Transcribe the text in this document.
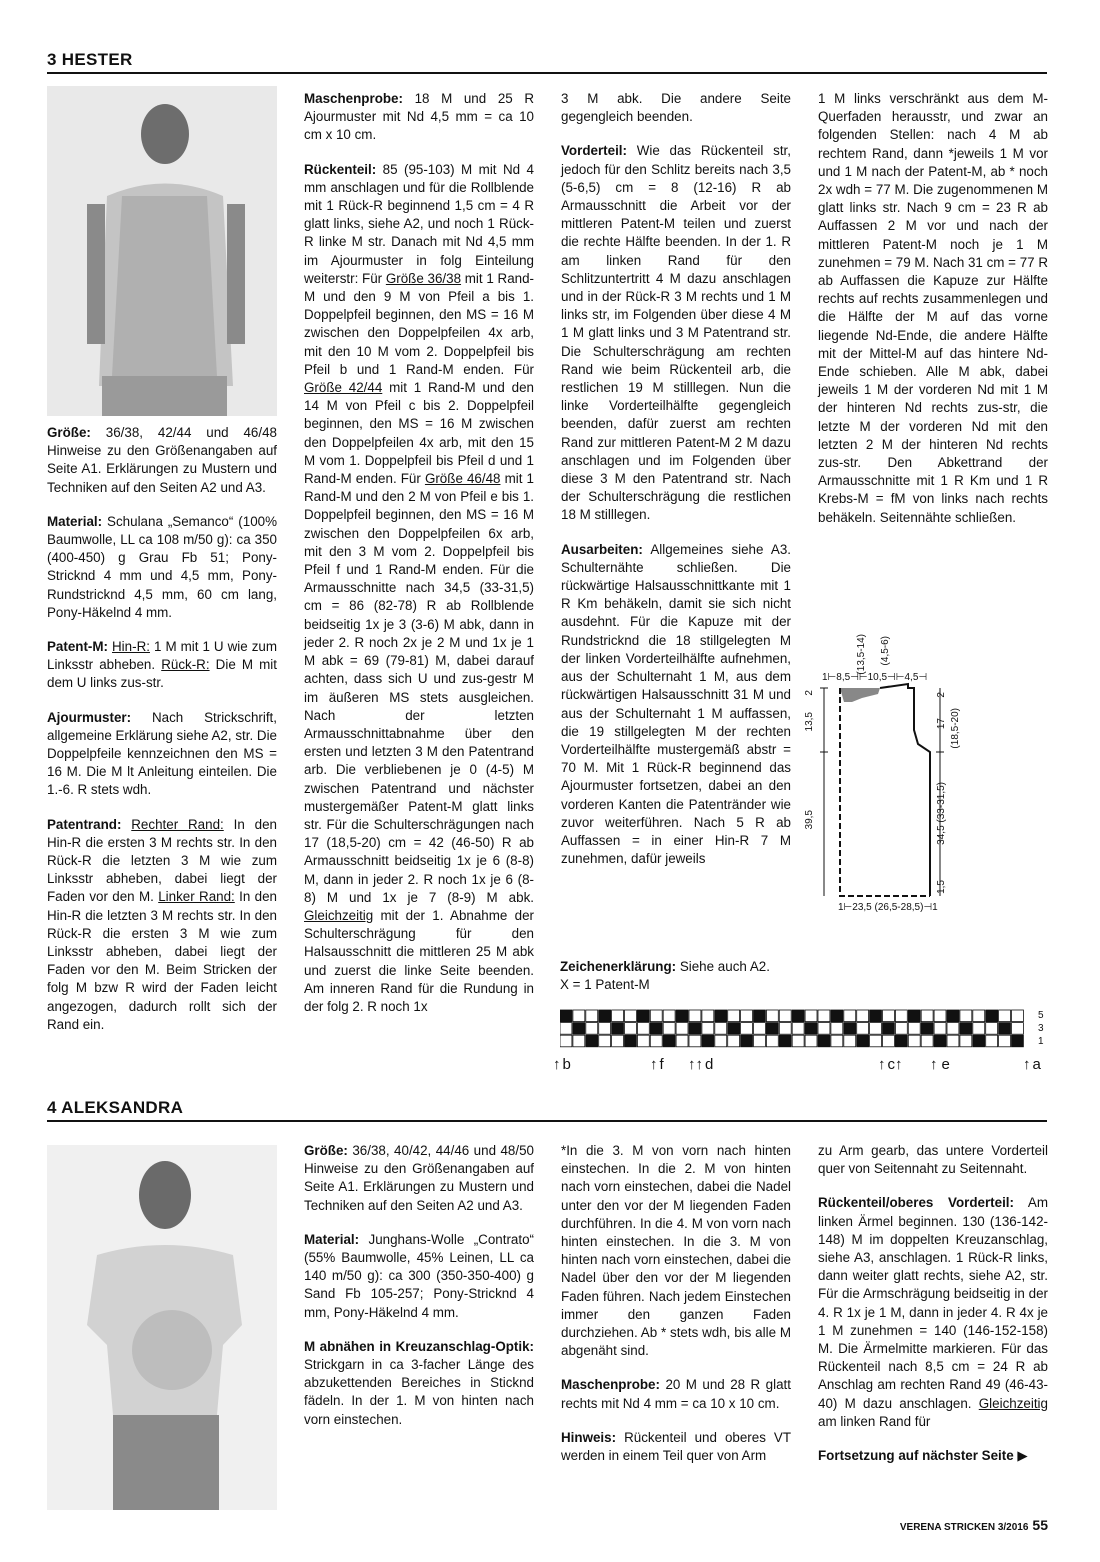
3 HESTER

Größe: 36/38, 42/44 und 46/48 Hinweise zu den Größenangaben auf Seite A1. Erklärungen zu Mustern und Techniken auf den Seiten A2 und A3.

Material: Schulana „Semanco“ (100% Baumwolle, LL ca 108 m/50 g): ca 350 (400-450) g Grau Fb 51; Pony-Stricknd 4 mm und 4,5 mm, Pony-Rundstricknd 4,5 mm, 60 cm lang, Pony-Häkelnd 4 mm.

Patent-M: Hin-R: 1 M mit 1 U wie zum Linksstr abheben. Rück-R: Die M mit dem U links zus-str.

Ajourmuster: Nach Strickschrift, allgemeine Erklärung siehe A2, str. Die Doppelpfeile kennzeichnen den MS = 16 M. Die M lt Anleitung einteilen. Die 1.-6. R stets wdh.

Patentrand: Rechter Rand: In den Hin-R die ersten 3 M rechts str. In den Rück-R die letzten 3 M wie zum Linksstr abheben, dabei liegt der Faden vor den M. Linker Rand: In den Hin-R die letzten 3 M rechts str. In den Rück-R die ersten 3 M wie zum Linksstr abheben, dabei liegt der Faden vor den M. Beim Stricken der folg M bzw R wird der Faden leicht angezogen, dadurch rollt sich der Rand ein.

Maschenprobe: 18 M und 25 R Ajourmuster mit Nd 4,5 mm = ca 10 cm x 10 cm.

Rückenteil: 85 (95-103) M mit Nd 4 mm anschlagen und für die Rollblende mit 1 Rück-R beginnend 1,5 cm = 4 R glatt links, siehe A2, und noch 1 Rück-R linke M str. Danach mit Nd 4,5 mm im Ajourmuster in folg Einteilung weiterstr: Für Größe 36/38 mit 1 Rand-M und den 9 M von Pfeil a bis 1. Doppelpfeil beginnen, den MS = 16 M zwischen den Doppelpfeilen 4x arb, mit den 10 M vom 2. Doppelpfeil bis Pfeil b und 1 Rand-M enden. Für Größe 42/44 mit 1 Rand-M und den 14 M von Pfeil c bis 2. Doppelpfeil beginnen, den MS = 16 M zwischen den Doppelpfeilen 4x arb, mit den 15 M vom 1. Doppelpfeil bis Pfeil d und 1 Rand-M enden. Für Größe 46/48 mit 1 Rand-M und den 2 M von Pfeil e bis 1. Doppelpfeil beginnen, den MS = 16 M zwischen den Doppelpfeilen 6x arb, mit den 3 M vom 2. Doppelpfeil bis Pfeil f und 1 Rand-M enden. Für die Armausschnitte nach 34,5 (33-31,5) cm = 86 (82-78) R ab Rollblende beidseitig 1x je 3 (3-6) M abk, dann in jeder 2. R noch 2x je 2 M und 1x je 1 M abk = 69 (79-81) M, dabei darauf achten, dass sich U und zus-gestr M im äußeren MS stets ausgleichen. Nach der letzten Armausschnittabnahme über den ersten und letzten 3 M den Patentrand arb. Die verbliebenen je 0 (4-5) M zwischen Patentrand und nächster mustergemäßer Patent-M glatt links str. Für die Schulterschrägungen nach 17 (18,5-20) cm = 42 (46-50) R ab Armausschnitt beidseitig 1x je 6 (8-8) M, dann in jeder 2. R noch 1x je 6 (8-8) M und 1x je 7 (8-9) M abk. Gleichzeitig mit der 1. Abnahme der Schulterschrägung für den Halsausschnitt die mittleren 25 M abk und zuerst die linke Seite beenden. Am inneren Rand für die Rundung in der folg 2. R noch 1x

3 M abk. Die andere Seite gegengleich beenden.

Vorderteil: Wie das Rückenteil str, jedoch für den Schlitz bereits nach 3,5 (5-6,5) cm = 8 (12-16) R ab Armausschnitt die Arbeit vor der mittleren Patent-M teilen und zuerst die rechte Hälfte beenden. In der 1. R am linken Rand für den Schlitzuntertritt 4 M dazu anschlagen und in der Rück-R 3 M rechts und 1 M links str, im Folgenden über diese 4 M 1 M glatt links und 3 M Patentrand str. Die Schulterschrägung am rechten Rand wie beim Rückenteil arb, die restlichen 19 M stilllegen. Nun die linke Vorderteilhälfte gegengleich beenden, dafür zuerst am rechten Rand zur mittleren Patent-M 2 M dazu anschlagen und im Folgenden über diese 3 M den Patentrand str. Nach der Schulterschrägung die restlichen 18 M stilllegen.

Ausarbeiten: Allgemeines siehe A3. Schulternähte schließen. Die rückwärtige Halsausschnittkante mit 1 R Km behäkeln, damit sie sich nicht ausdehnt. Für die Kapuze mit der Rundstricknd die 18 stillgelegten M der linken Vorderteilhälfte aufnehmen, aus der Schulternaht 1 M, aus dem rückwärtigen Halsausschnitt 31 M und aus der Schulternaht 1 M auffassen, die 19 stillgelegten M der rechten Vorderteilhälfte mustergemäß abstr = 70 M. Mit 1 Rück-R beginnend das Ajourmuster fortsetzen, dabei an den vorderen Kanten die Patentränder wie zuvor weiterführen. Nach 5 R ab Auffassen = in einer Hin-R 7 M zunehmen, dafür jeweils

1 M links verschränkt aus dem M-Querfaden herausstr, und zwar an folgenden Stellen: nach 4 M ab rechtem Rand, dann *jeweils 1 M vor und 1 M nach der Patent-M, ab * noch 2x wdh = 77 M. Die zugenommenen M glatt links str. Nach 9 cm = 23 R ab Auffassen 2 M vor und nach der mittleren Patent-M noch je 1 M zunehmen = 79 M. Nach 31 cm = 77 R ab Auffassen die Kapuze zur Hälfte rechts auf rechts zusammenlegen und die Hälfte der M auf das vorne liegende Nd-Ende, die andere Hälfte mit der Mittel-M auf das hintere Nd-Ende schieben. Alle M abk, dabei jeweils 1 M der vorderen Nd mit 1 M der hinteren Nd rechts zus-str, die letzte M der vorderen Nd mit den letzten 2 M der hinteren Nd rechts zus-str. Den Abkettrand der Armausschnitte mit 1 R Km und 1 R Krebs-M = fM von links nach rechts behäkeln. Seitennähte schließen.

(13,5-14) (4,5-6)
1⊢8,5⊣⊢10,5⊣⊢4,5⊣
13,5
2
39,5
17 (18,5-20)
2
34,5 (33-31,5)
1,5
1⊢23,5 (26,5-28,5)⊣1
Zeichenerklärung: Siehe auch A2.
X = 1 Patent-M
5
3
1
↑ b	↑ f ↑↑ d	↑ c↑ ↑ e	↑ a
4 ALEKSANDRA

Größe: 36/38, 40/42, 44/46 und 48/50 Hinweise zu den Größenangaben auf Seite A1. Erklärungen zu Mustern und Techniken auf den Seiten A2 und A3.

Material: Junghans-Wolle „Contrato“ (55% Baumwolle, 45% Leinen, LL ca 140 m/50 g): ca 300 (350-350-400) g Sand Fb 105-257; Pony-Stricknd 4 mm, Pony-Häkelnd 4 mm.

M abnähen in Kreuzanschlag-Optik: Strickgarn in ca 3-facher Länge des abzukettenden Bereiches in Sticknd fädeln. In der 1. M von hinten nach vorn einstechen.

*In die 3. M von vorn nach hinten einstechen. In die 2. M von hinten nach vorn einstechen, dabei die Nadel unter den vor der M liegenden Faden durchführen. In die 4. M von vorn nach hinten einstechen. In die 3. M von hinten nach vorn einstechen, dabei die Nadel über den vor der M liegenden Faden führen. Nach jedem Einstechen immer den ganzen Faden durchziehen. Ab * stets wdh, bis alle M abgenäht sind.

Maschenprobe: 20 M und 28 R glatt rechts mit Nd 4 mm = ca 10 x 10 cm.

Hinweis: Rückenteil und oberes VT werden in einem Teil quer von Arm

zu Arm gearb, das untere Vorderteil quer von Seitennaht zu Seitennaht.

Rückenteil/oberes Vorderteil: Am linken Ärmel beginnen. 130 (136-142-148) M im doppelten Kreuzanschlag, siehe A3, anschlagen. 1 Rück-R links, dann weiter glatt rechts, siehe A2, str. Für die Armschrägung beidseitig in der 4. R 1x je 1 M, dann in jeder 4. R 4x je 1 M zunehmen = 140 (146-152-158) M. Die Ärmelmitte markieren. Für das Rückenteil nach 8,5 cm = 24 R ab Anschlag am rechten Rand 49 (46-43-40) M dazu anschlagen. Gleichzeitig am linken Rand für

Fortsetzung auf nächster Seite ▶

VERENA STRICKEN 3/2016 55
